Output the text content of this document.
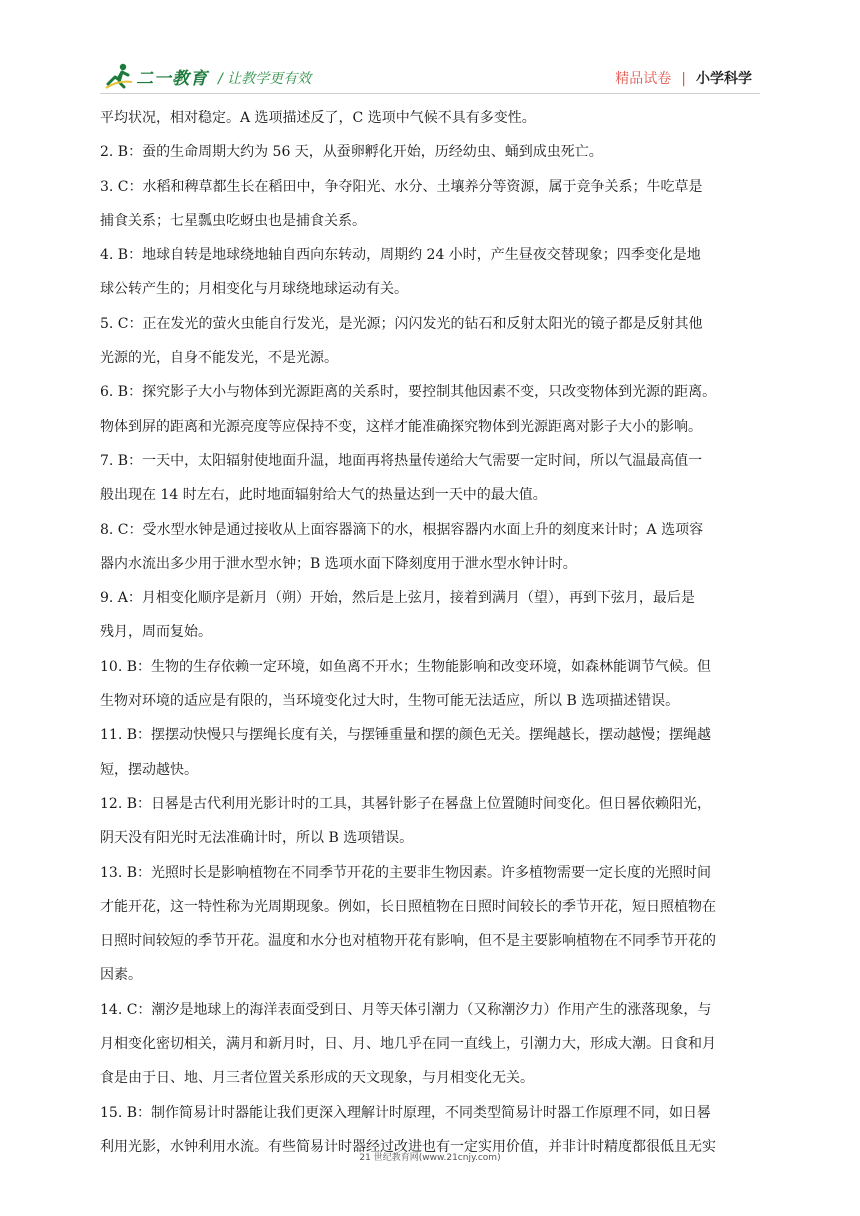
二一教育 / 让教学更有效	精品试卷 | 小学科学

平均状况，相对稳定。A 选项描述反了，C 选项中气候不具有多变性。

2. B：蚕的生命周期大约为 56 天，从蚕卵孵化开始，历经幼虫、蛹到成虫死亡。

3. C：水稻和稗草都生长在稻田中，争夺阳光、水分、土壤养分等资源，属于竞争关系；牛吃草是

捕食关系；七星瓢虫吃蚜虫也是捕食关系。

4. B：地球自转是地球绕地轴自西向东转动，周期约 24 小时，产生昼夜交替现象；四季变化是地

球公转产生的；月相变化与月球绕地球运动有关。

5. C：正在发光的萤火虫能自行发光，是光源；闪闪发光的钻石和反射太阳光的镜子都是反射其他

光源的光，自身不能发光，不是光源。

6. B：探究影子大小与物体到光源距离的关系时，要控制其他因素不变，只改变物体到光源的距离。

物体到屏的距离和光源亮度等应保持不变，这样才能准确探究物体到光源距离对影子大小的影响。

7. B：一天中，太阳辐射使地面升温，地面再将热量传递给大气需要一定时间，所以气温最高值一

般出现在 14 时左右，此时地面辐射给大气的热量达到一天中的最大值。

8. C：受水型水钟是通过接收从上面容器滴下的水，根据容器内水面上升的刻度来计时；A 选项容

器内水流出多少用于泄水型水钟；B 选项水面下降刻度用于泄水型水钟计时。

9. A：月相变化顺序是新月（朔）开始，然后是上弦月，接着到满月（望），再到下弦月，最后是

残月，周而复始。

10. B：生物的生存依赖一定环境，如鱼离不开水；生物能影响和改变环境，如森林能调节气候。但

生物对环境的适应是有限的，当环境变化过大时，生物可能无法适应，所以 B 选项描述错误。

11. B：摆摆动快慢只与摆绳长度有关，与摆锤重量和摆的颜色无关。摆绳越长，摆动越慢；摆绳越

短，摆动越快。

12. B：日晷是古代利用光影计时的工具，其晷针影子在晷盘上位置随时间变化。但日晷依赖阳光，

阴天没有阳光时无法准确计时，所以 B 选项错误。

13. B：光照时长是影响植物在不同季节开花的主要非生物因素。许多植物需要一定长度的光照时间

才能开花，这一特性称为光周期现象。例如，长日照植物在日照时间较长的季节开花，短日照植物在

日照时间较短的季节开花。温度和水分也对植物开花有影响，但不是主要影响植物在不同季节开花的

因素。

14. C：潮汐是地球上的海洋表面受到日、月等天体引潮力（又称潮汐力）作用产生的涨落现象，与

月相变化密切相关，满月和新月时，日、月、地几乎在同一直线上，引潮力大，形成大潮。日食和月

食是由于日、地、月三者位置关系形成的天文现象，与月相变化无关。

15. B：制作简易计时器能让我们更深入理解计时原理，不同类型简易计时器工作原理不同，如日晷

利用光影，水钟利用水流。有些简易计时器经过改进也有一定实用价值，并非计时精度都很低且无实

21 世纪教育网(www.21cnjy.com)
